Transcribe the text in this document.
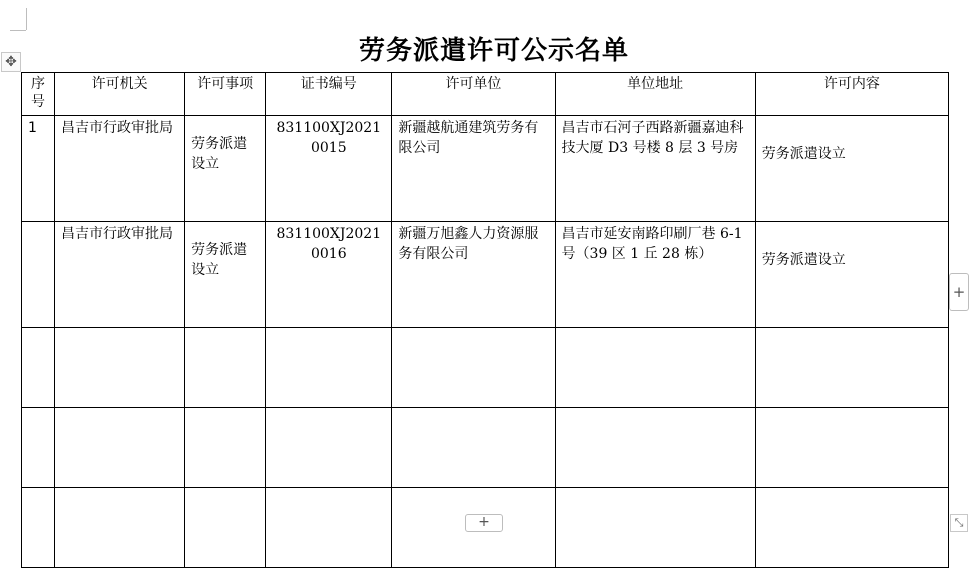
✥	劳务派遣许可公示名单
序号	许可机关	许可事项	证书编号	许可单位	单位地址	许可内容
1	昌吉市行政审批局	劳务派遣设立	831100XJ20210015	新疆越航通建筑劳务有限公司	昌吉市石河子西路新疆嘉迪科技大厦 D3 号楼 8 层 3 号房	劳务派遣设立
	昌吉市行政审批局	劳务派遣设立	831100XJ20210016	新疆万旭鑫人力资源服务有限公司	昌吉市延安南路印刷厂巷 6-1 号（39 区 1 丘 28 栋）	劳务派遣设立

+
+	⤡
